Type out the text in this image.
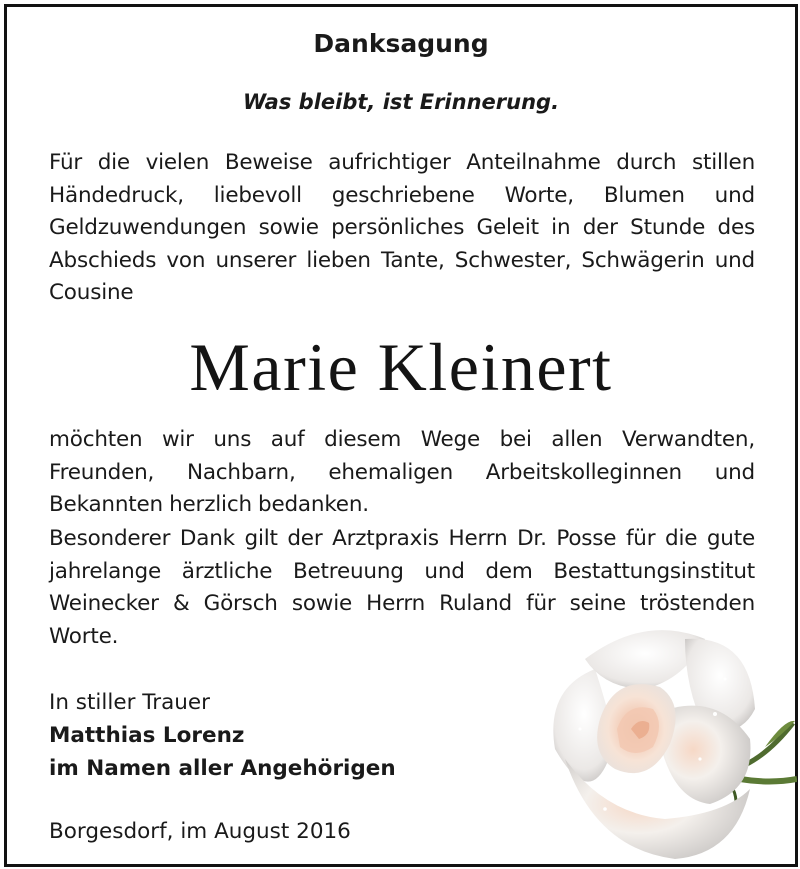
Danksagung
Was bleibt, ist Erinnerung.

Für die vielen Beweise aufrichtiger Anteilnahme durch stillen Händedruck, liebevoll geschriebene Worte, Blumen und Geldzuwendungen sowie persönliches Geleit in der Stunde des Abschieds von unserer lieben Tante, Schwester, Schwägerin und Cousine

Marie Kleinert

möchten wir uns auf diesem Wege bei allen Verwandten, Freunden, Nachbarn, ehemaligen Arbeitskolleginnen und Bekannten herzlich bedanken.

Besonderer Dank gilt der Arztpraxis Herrn Dr. Posse für die gute jahrelange ärztliche Betreuung und dem Bestattungsinstitut Weinecker & Görsch sowie Herrn Ruland für seine tröstenden Worte.

In stiller Trauer
Matthias Lorenz
im Namen aller Angehörigen
Borgesdorf, im August 2016
